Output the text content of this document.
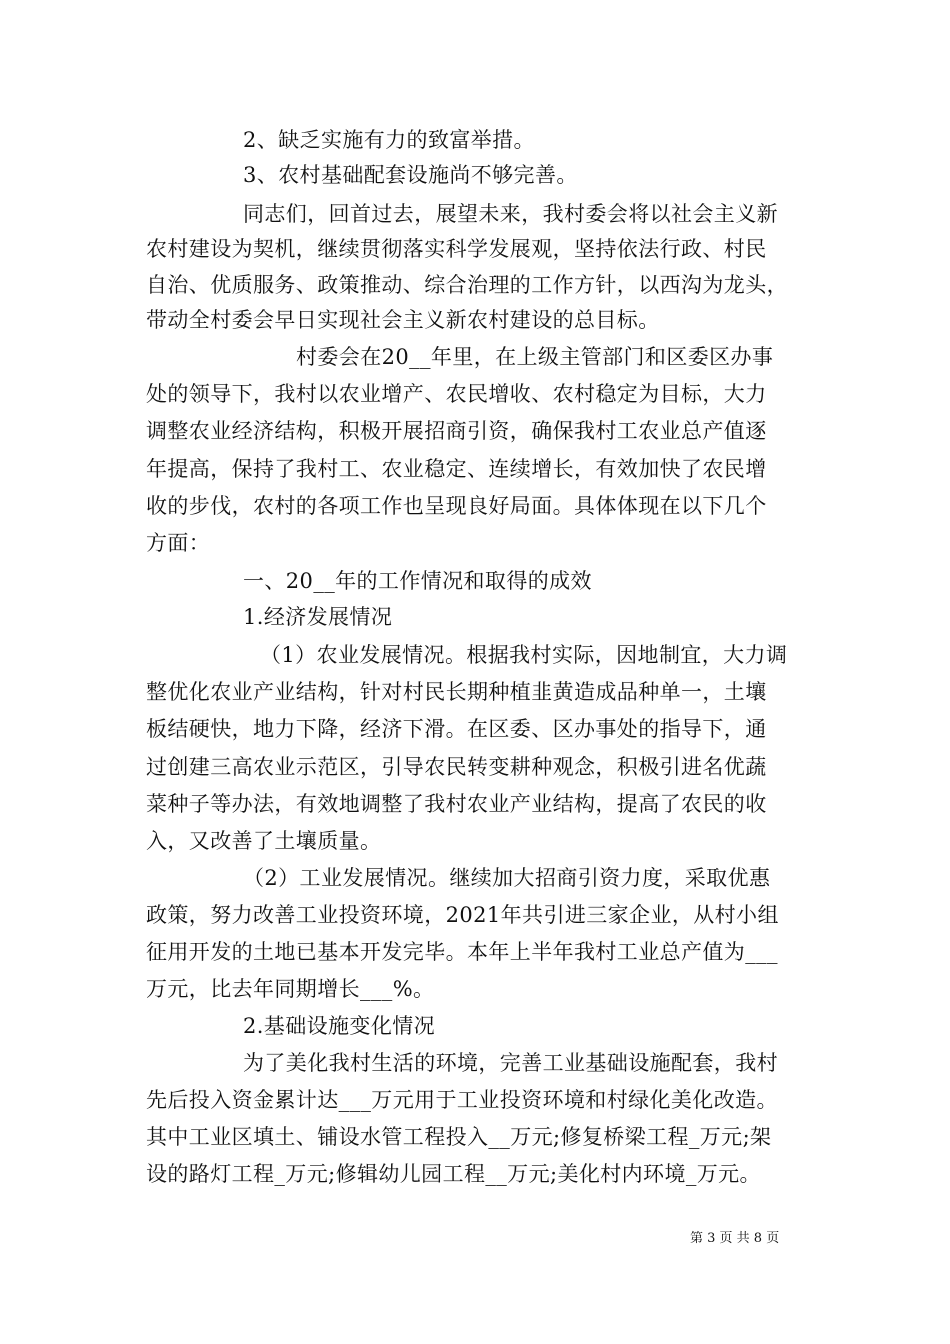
2、缺乏实施有力的致富举措。
3、农村基础配套设施尚不够完善。
同志们，回首过去，展望未来，我村委会将以社会主义新
农村建设为契机，继续贯彻落实科学发展观，坚持依法行政、村民
自治、优质服务、政策推动、综合治理的工作方针，以西沟为龙头，
带动全村委会早日实现社会主义新农村建设的总目标。
村委会在20__年里，在上级主管部门和区委区办事
处的领导下，我村以农业增产、农民增收、农村稳定为目标，大力
调整农业经济结构，积极开展招商引资，确保我村工农业总产值逐
年提高，保持了我村工、农业稳定、连续增长，有效加快了农民增
收的步伐，农村的各项工作也呈现良好局面。具体体现在以下几个
方面：
一、20__年的工作情况和取得的成效
1.经济发展情况
（1）农业发展情况。根据我村实际，因地制宜，大力调
整优化农业产业结构，针对村民长期种植韭黄造成品种单一，土壤
板结硬快，地力下降，经济下滑。在区委、区办事处的指导下，通
过创建三高农业示范区，引导农民转变耕种观念，积极引进名优蔬
菜种子等办法，有效地调整了我村农业产业结构，提高了农民的收
入，又改善了土壤质量。
（2）工业发展情况。继续加大招商引资力度，采取优惠
政策，努力改善工业投资环境，2021年共引进三家企业，从村小组
征用开发的土地已基本开发完毕。本年上半年我村工业总产值为___
万元，比去年同期增长___%。
2.基础设施变化情况
为了美化我村生活的环境，完善工业基础设施配套，我村
先后投入资金累计达___万元用于工业投资环境和村绿化美化改造。
其中工业区填土、铺设水管工程投入__万元;修复桥梁工程_万元;架
设的路灯工程_万元;修辑幼儿园工程__万元;美化村内环境_万元。
第 3 页 共 8 页
